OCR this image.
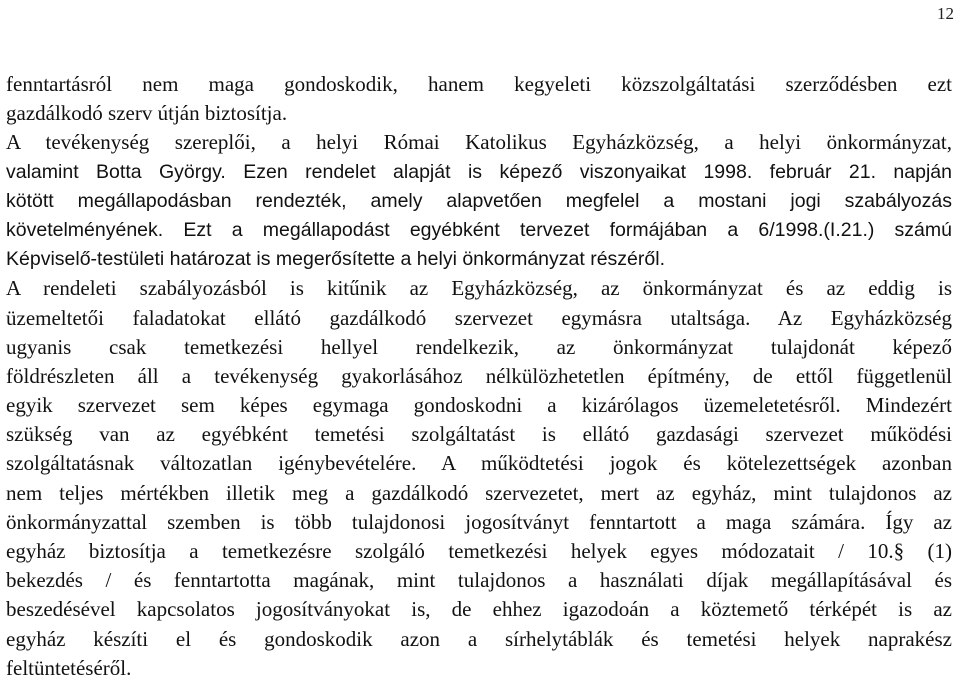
12
fenntartásról nem maga gondoskodik, hanem kegyeleti közszolgáltatási szerződésben ezt
gazdálkodó szerv útján biztosítja.
A tevékenység szereplői, a helyi Római Katolikus Egyházközség, a helyi önkormányzat,
valamint Botta György. Ezen rendelet alapját is képező viszonyaikat 1998. február 21. napján
kötött megállapodásban rendezték, amely alapvetően megfelel a mostani jogi szabályozás
követelményének. Ezt a megállapodást egyébként tervezet formájában a 6/1998.(I.21.) számú
Képviselő-testületi határozat is megerősítette a helyi önkormányzat részéről.
A rendeleti szabályozásból is kitűnik az Egyházközség, az önkormányzat és az eddig is
üzemeltetői faladatokat ellátó gazdálkodó szervezet egymásra utaltsága. Az Egyházközség
ugyanis csak temetkezési hellyel rendelkezik, az önkormányzat tulajdonát képező
földrészleten áll a tevékenység gyakorlásához nélkülözhetetlen építmény, de ettől függetlenül
egyik szervezet sem képes egymaga gondoskodni a kizárólagos üzemeletetésről. Mindezért
szükség van az egyébként temetési szolgáltatást is ellátó gazdasági szervezet működési
szolgáltatásnak változatlan igénybevételére. A működtetési jogok és kötelezettségek azonban
nem teljes mértékben illetik meg a gazdálkodó szervezetet, mert az egyház, mint tulajdonos az
önkormányzattal szemben is több tulajdonosi jogosítványt fenntartott a maga számára. Így az
egyház biztosítja a temetkezésre szolgáló temetkezési helyek egyes módozatait / 10.§ (1)
bekezdés / és fenntartotta magának, mint tulajdonos a használati díjak megállapításával és
beszedésével kapcsolatos jogosítványokat is, de ehhez igazodoán a köztemető térképét is az
egyház készíti el és gondoskodik azon a sírhelytáblák és temetési helyek naprakész
feltüntetéséről.
